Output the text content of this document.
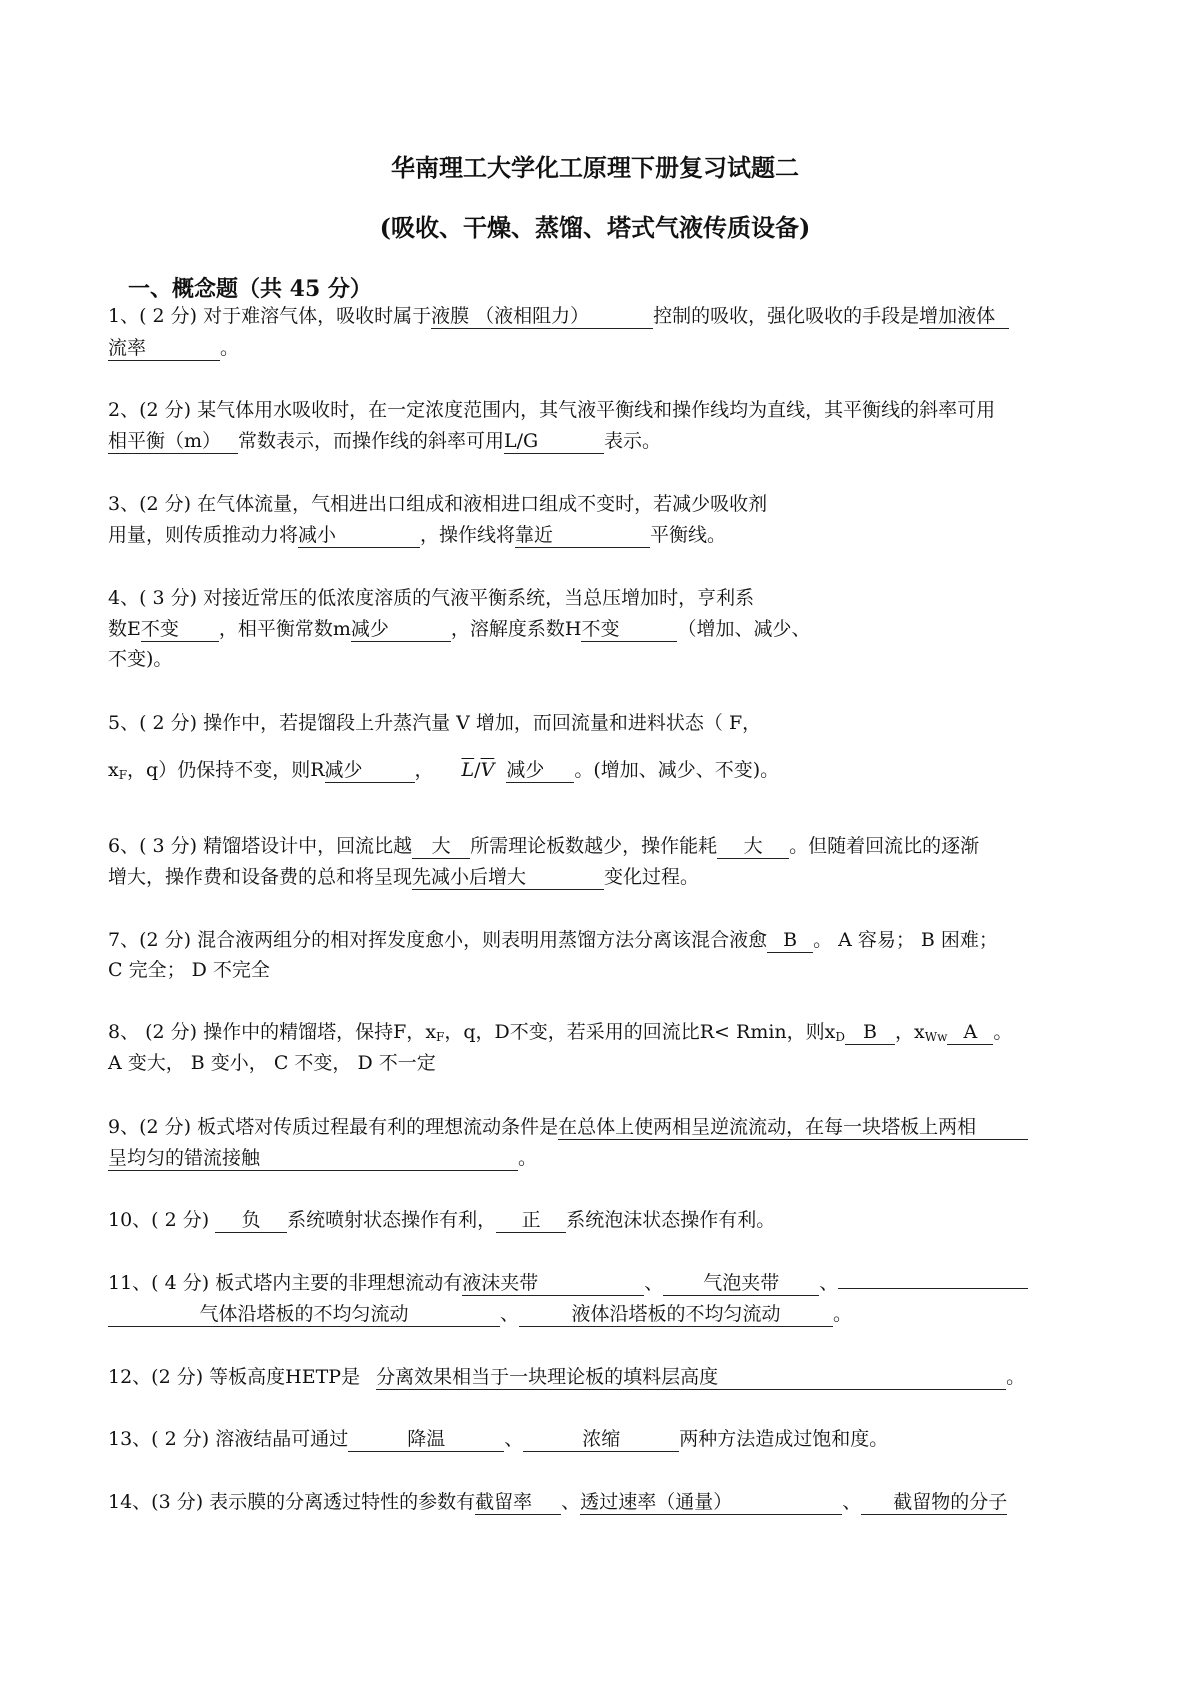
华南理工大学化工原理下册复习试题二
(吸收、干燥、蒸馏、塔式气液传质设备)
一、概念题（共 45 分）
1、( 2 分) 对于难溶气体，吸收时属于液膜 （液相阻力）	控制的吸收，强化吸收的手段是增加液体
流率	。
2、(2 分) 某气体用水吸收时，在一定浓度范围内，其气液平衡线和操作线均为直线，其平衡线的斜率可用
相平衡（m） 常数表示，而操作线的斜率可用L/G	表示。
3、(2 分) 在气体流量，气相进出口组成和液相进口组成不变时，若减少吸收剂
用量，则传质推动力将减小	，操作线将靠近	平衡线。
4、( 3 分) 对接近常压的低浓度溶质的气液平衡系统，当总压增加时，亨利系
数E不变 ，相平衡常数m减少	，溶解度系数H不变	（增加、减少、
不变)。
5、( 2 分) 操作中，若提馏段上升蒸汽量 V 增加，而回流量和进料状态（ F，
$x_F$，q）仍保持不变，则R减少	， $\overline{L}/\overline{V}$ 减少 。(增加、减少、不变)。
6、( 3 分) 精馏塔设计中，回流比越 大 所需理论板数越少，操作能耗 大 。但随着回流比的逐渐
增大，操作费和设备费的总和将呈现先减小后增大	变化过程。
7、(2 分) 混合液两组分的相对挥发度愈小，则表明用蒸馏方法分离该混合液愈 B 。 A 容易； B 困难；
C 完全； D 不完全
8、 (2 分) 操作中的精馏塔，保持F，$x_F$，q，D不变，若采用的回流比R< Rmin，则$x_D$ B ，$x_{Ww}$ A 。
A 变大， B 变小， C 不变， D 不一定
9、(2 分) 板式塔对传质过程最有利的理想流动条件是在总体上使两相呈逆流流动，在每一块塔板上两相
呈均匀的错流接触	。
10、( 2 分) 负 系统喷射状态操作有利， 正 系统泡沫状态操作有利。
11、( 4 分) 板式塔内主要的非理想流动有液沫夹带	、 气泡夹带 、
气体沿塔板的不均匀流动	、	液体沿塔板的不均匀流动	。
12、(2 分) 等板高度HETP是 分离效果相当于一块理论板的填料层高度	。
13、( 2 分) 溶液结晶可通过	降温	、	浓缩	两种方法造成过饱和度。
14、(3 分) 表示膜的分离透过特性的参数有截留率 、透过速率（通量）	、 截留物的分子
